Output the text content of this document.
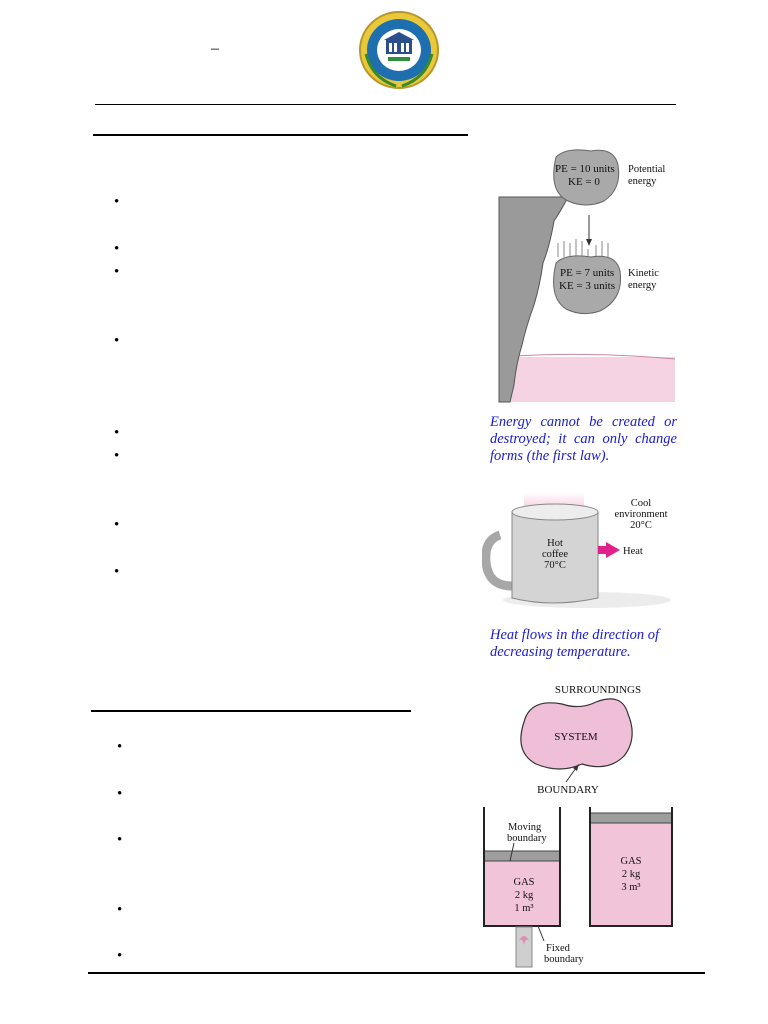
–
•
•
•
•
•
•
•
•
PE = 10 units
KE = 0
Potential
energy
PE = 7 units
KE = 3 units
Kinetic
energy
Energy cannot be created or destroyed; it can only change forms (the first law).
Cool
environment
20°C
Hot
coffee
70°C
Heat
Heat flows in the direction of decreasing temperature.
•
•
•
•
•
SURROUNDINGS
SYSTEM
BOUNDARY
Moving
boundary
GAS
2 kg
1 m³
Fixed
boundary
GAS
2 kg
3 m³
